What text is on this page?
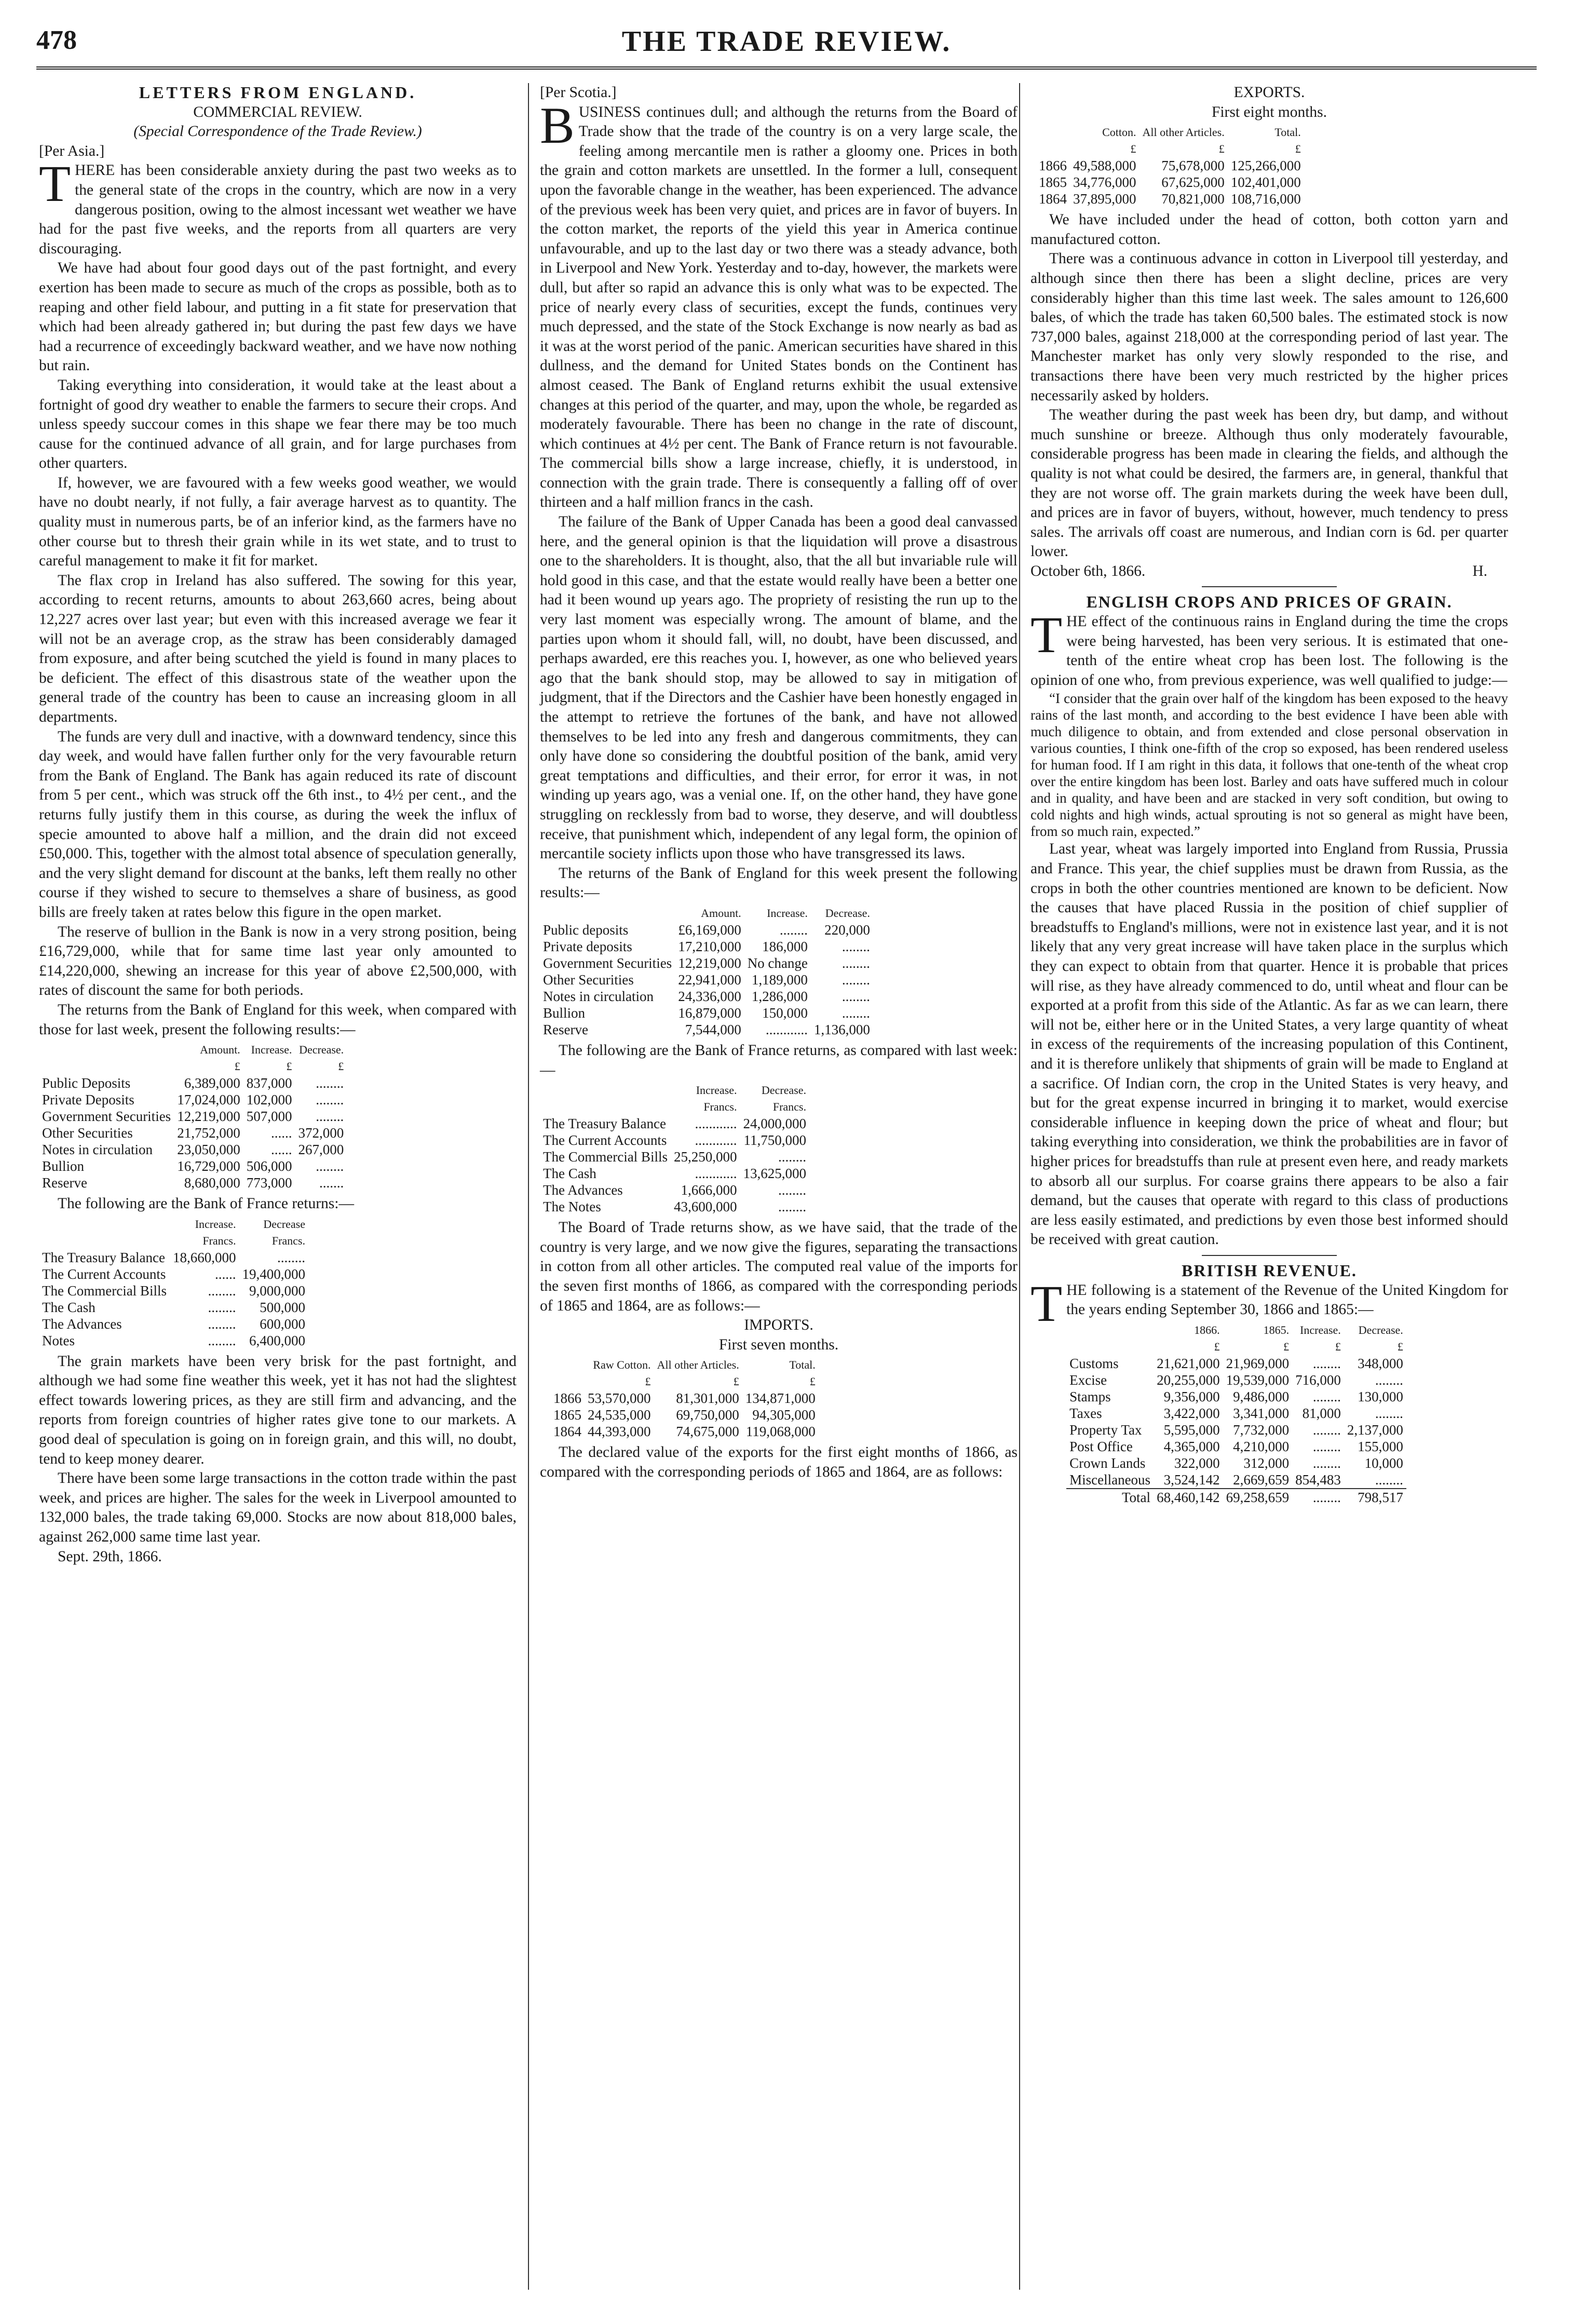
478	THE TRADE REVIEW.

LETTERS FROM ENGLAND.

COMMERCIAL REVIEW.

(Special Correspondence of the Trade Review.)

[Per Asia.]

THERE has been considerable anxiety during the past two weeks as to the general state of the crops in the country, which are now in a very dangerous position, owing to the almost incessant wet weather we have had for the past five weeks, and the reports from all quarters are very discouraging.

We have had about four good days out of the past fortnight, and every exertion has been made to secure as much of the crops as possible, both as to reaping and other field labour, and putting in a fit state for preservation that which had been already gathered in; but during the past few days we have had a recurrence of exceedingly backward weather, and we have now nothing but rain.

Taking everything into consideration, it would take at the least about a fortnight of good dry weather to enable the farmers to secure their crops. And unless speedy succour comes in this shape we fear there may be too much cause for the continued advance of all grain, and for large purchases from other quarters.

If, however, we are favoured with a few weeks good weather, we would have no doubt nearly, if not fully, a fair average harvest as to quantity. The quality must in numerous parts, be of an inferior kind, as the farmers have no other course but to thresh their grain while in its wet state, and to trust to careful management to make it fit for market.

The flax crop in Ireland has also suffered. The sowing for this year, according to recent returns, amounts to about 263,660 acres, being about 12,227 acres over last year; but even with this increased average we fear it will not be an average crop, as the straw has been considerably damaged from exposure, and after being scutched the yield is found in many places to be deficient. The effect of this disastrous state of the weather upon the general trade of the country has been to cause an increasing gloom in all departments.

The funds are very dull and inactive, with a downward tendency, since this day week, and would have fallen further only for the very favourable return from the Bank of England. The Bank has again reduced its rate of discount from 5 per cent., which was struck off the 6th inst., to 4½ per cent., and the returns fully justify them in this course, as during the week the influx of specie amounted to above half a million, and the drain did not exceed £50,000. This, together with the almost total absence of speculation generally, and the very slight demand for discount at the banks, left them really no other course if they wished to secure to themselves a share of business, as good bills are freely taken at rates below this figure in the open market.

The reserve of bullion in the Bank is now in a very strong position, being £16,729,000, while that for same time last year only amounted to £14,220,000, shewing an increase for this year of above £2,500,000, with rates of discount the same for both periods.

The returns from the Bank of England for this week, when compared with those for last week, present the following results:—

	Amount.	Increase.	Decrease.
	£	£	£
Public Deposits	6,389,000	837,000	........
Private Deposits	17,024,000	102,000	........
Government Securities	12,219,000	507,000	........
Other Securities	21,752,000	......	372,000
Notes in circulation	23,050,000	......	267,000
Bullion	16,729,000	506,000	........
Reserve	8,680,000	773,000	.......

The following are the Bank of France returns:—

	Increase.	Decrease
	Francs.	Francs.
The Treasury Balance	18,660,000	........
The Current Accounts	......	19,400,000
The Commercial Bills	........	9,000,000
The Cash	........	500,000
The Advances	........	600,000
Notes	........	6,400,000

The grain markets have been very brisk for the past fortnight, and although we had some fine weather this week, yet it has not had the slightest effect towards lowering prices, as they are still firm and advancing, and the reports from foreign countries of higher rates give tone to our markets. A good deal of speculation is going on in foreign grain, and this will, no doubt, tend to keep money dearer.

There have been some large transactions in the cotton trade within the past week, and prices are higher. The sales for the week in Liverpool amounted to 132,000 bales, the trade taking 69,000. Stocks are now about 818,000 bales, against 262,000 same time last year.

Sept. 29th, 1866.

[Per Scotia.]

BUSINESS continues dull; and although the returns from the Board of Trade show that the trade of the country is on a very large scale, the feeling among mercantile men is rather a gloomy one. Prices in both the grain and cotton markets are unsettled. In the former a lull, consequent upon the favorable change in the weather, has been experienced. The advance of the previous week has been very quiet, and prices are in favor of buyers. In the cotton market, the reports of the yield this year in America continue unfavourable, and up to the last day or two there was a steady advance, both in Liverpool and New York. Yesterday and to-day, however, the markets were dull, but after so rapid an advance this is only what was to be expected. The price of nearly every class of securities, except the funds, continues very much depressed, and the state of the Stock Exchange is now nearly as bad as it was at the worst period of the panic. American securities have shared in this dullness, and the demand for United States bonds on the Continent has almost ceased. The Bank of England returns exhibit the usual extensive changes at this period of the quarter, and may, upon the whole, be regarded as moderately favourable. There has been no change in the rate of discount, which continues at 4½ per cent. The Bank of France return is not favourable. The commercial bills show a large increase, chiefly, it is understood, in connection with the grain trade. There is consequently a falling off of over thirteen and a half million francs in the cash.

The failure of the Bank of Upper Canada has been a good deal canvassed here, and the general opinion is that the liquidation will prove a disastrous one to the shareholders. It is thought, also, that the all but invariable rule will hold good in this case, and that the estate would really have been a better one had it been wound up years ago. The propriety of resisting the run up to the very last moment was especially wrong. The amount of blame, and the parties upon whom it should fall, will, no doubt, have been discussed, and perhaps awarded, ere this reaches you. I, however, as one who believed years ago that the bank should stop, may be allowed to say in mitigation of judgment, that if the Directors and the Cashier have been honestly engaged in the attempt to retrieve the fortunes of the bank, and have not allowed themselves to be led into any fresh and dangerous commitments, they can only have done so considering the doubtful position of the bank, amid very great temptations and difficulties, and their error, for error it was, in not winding up years ago, was a venial one. If, on the other hand, they have gone struggling on recklessly from bad to worse, they deserve, and will doubtless receive, that punishment which, independent of any legal form, the opinion of mercantile society inflicts upon those who have transgressed its laws.

The returns of the Bank of England for this week present the following results:—

	Amount.	Increase.	Decrease.
Public deposits	£6,169,000	........	220,000
Private deposits	17,210,000	186,000	........
Government Securities	12,219,000	No change	........
Other Securities	22,941,000	1,189,000	........
Notes in circulation	24,336,000	1,286,000	........
Bullion	16,879,000	150,000	........
Reserve	7,544,000	............	1,136,000

The following are the Bank of France returns, as compared with last week:—

	Increase.	Decrease.
	Francs.	Francs.
The Treasury Balance	............	24,000,000
The Current Accounts	............	11,750,000
The Commercial Bills	25,250,000	........
The Cash	............	13,625,000
The Advances	1,666,000	........
The Notes	43,600,000	........

The Board of Trade returns show, as we have said, that the trade of the country is very large, and we now give the figures, separating the transactions in cotton from all other articles. The computed real value of the imports for the seven first months of 1866, as compared with the corresponding periods of 1865 and 1864, are as follows:—

IMPORTS.

First seven months.

	Raw Cotton.	All other Articles.	Total.
	£	£	£
1866	53,570,000	81,301,000	134,871,000
1865	24,535,000	69,750,000	94,305,000
1864	44,393,000	74,675,000	119,068,000

The declared value of the exports for the first eight months of 1866, as compared with the corresponding periods of 1865 and 1864, are as follows:

EXPORTS.

First eight months.

	Cotton.	All other Articles.	Total.
	£	£	£
1866	49,588,000	75,678,000	125,266,000
1865	34,776,000	67,625,000	102,401,000
1864	37,895,000	70,821,000	108,716,000

We have included under the head of cotton, both cotton yarn and manufactured cotton.

There was a continuous advance in cotton in Liverpool till yesterday, and although since then there has been a slight decline, prices are very considerably higher than this time last week. The sales amount to 126,600 bales, of which the trade has taken 60,500 bales. The estimated stock is now 737,000 bales, against 218,000 at the corresponding period of last year. The Manchester market has only very slowly responded to the rise, and transactions there have been very much restricted by the higher prices necessarily asked by holders.

The weather during the past week has been dry, but damp, and without much sunshine or breeze. Although thus only moderately favourable, considerable progress has been made in clearing the fields, and although the quality is not what could be desired, the farmers are, in general, thankful that they are not worse off. The grain markets during the week have been dull, and prices are in favor of buyers, without, however, much tendency to press sales. The arrivals off coast are numerous, and Indian corn is 6d. per quarter lower.

October 6th, 1866.	H.

ENGLISH CROPS AND PRICES OF GRAIN.

THE effect of the continuous rains in England during the time the crops were being harvested, has been very serious. It is estimated that one-tenth of the entire wheat crop has been lost. The following is the opinion of one who, from previous experience, was well qualified to judge:—

“I consider that the grain over half of the kingdom has been exposed to the heavy rains of the last month, and according to the best evidence I have been able with much diligence to obtain, and from extended and close personal observation in various counties, I think one-fifth of the crop so exposed, has been rendered useless for human food. If I am right in this data, it follows that one-tenth of the wheat crop over the entire kingdom has been lost. Barley and oats have suffered much in colour and in quality, and have been and are stacked in very soft condition, but owing to cold nights and high winds, actual sprouting is not so general as might have been, from so much rain, expected.”

Last year, wheat was largely imported into England from Russia, Prussia and France. This year, the chief supplies must be drawn from Russia, as the crops in both the other countries mentioned are known to be deficient. Now the causes that have placed Russia in the position of chief supplier of breadstuffs to England's millions, were not in existence last year, and it is not likely that any very great increase will have taken place in the surplus which they can expect to obtain from that quarter. Hence it is probable that prices will rise, as they have already commenced to do, until wheat and flour can be exported at a profit from this side of the Atlantic. As far as we can learn, there will not be, either here or in the United States, a very large quantity of wheat in excess of the requirements of the increasing population of this Continent, and it is therefore unlikely that shipments of grain will be made to England at a sacrifice. Of Indian corn, the crop in the United States is very heavy, and but for the great expense incurred in bringing it to market, would exercise considerable influence in keeping down the price of wheat and flour; but taking everything into consideration, we think the probabilities are in favor of higher prices for breadstuffs than rule at present even here, and ready markets to absorb all our surplus. For coarse grains there appears to be also a fair demand, but the causes that operate with regard to this class of productions are less easily estimated, and predictions by even those best informed should be received with great caution.

BRITISH REVENUE.

THE following is a statement of the Revenue of the United Kingdom for the years ending September 30, 1866 and 1865:—

	1866.	1865.	Increase.	Decrease.
	£	£	£	£
Customs	21,621,000	21,969,000	........	348,000
Excise	20,255,000	19,539,000	716,000	........
Stamps	9,356,000	9,486,000	........	130,000
Taxes	3,422,000	3,341,000	81,000	........
Property Tax	5,595,000	7,732,000	........	2,137,000
Post Office	4,365,000	4,210,000	........	155,000
Crown Lands	322,000	312,000	........	10,000
Miscellaneous	3,524,142	2,669,659	854,483	........
Total	68,460,142	69,258,659	........	798,517
